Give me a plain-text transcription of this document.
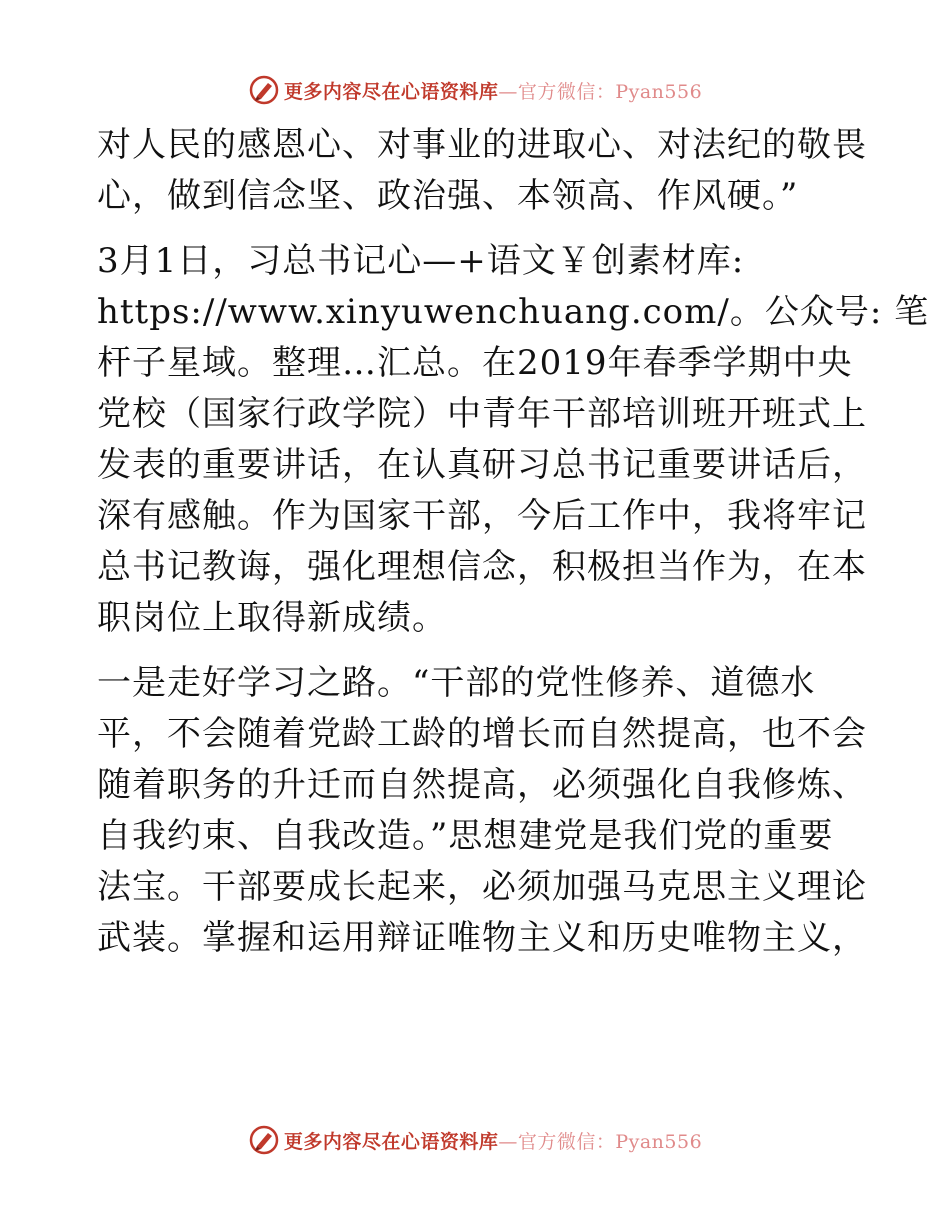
更多内容尽在心语资料库—官方微信：Pyan556
对人民的感恩心、对事业的进取心、对法纪的敬畏
心，做到信念坚、政治强、本领高、作风硬。”
3月1日，习总书记心—+语文￥创素材库:
https://www.xinyuwenchuang.com/。公众号: 笔
杆子星域。整理…汇总。在2019年春季学期中央
党校（国家行政学院）中青年干部培训班开班式上
发表的重要讲话，在认真研习总书记重要讲话后，
深有感触。作为国家干部，今后工作中，我将牢记
总书记教诲，强化理想信念，积极担当作为，在本
职岗位上取得新成绩。
一是走好学习之路。“干部的党性修养、道德水
平，不会随着党龄工龄的增长而自然提高，也不会
随着职务的升迁而自然提高，必须强化自我修炼、
自我约束、自我改造。”思想建党是我们党的重要
法宝。干部要成长起来，必须加强马克思主义理论
武装。掌握和运用辩证唯物主义和历史唯物主义，
更多内容尽在心语资料库—官方微信：Pyan556
